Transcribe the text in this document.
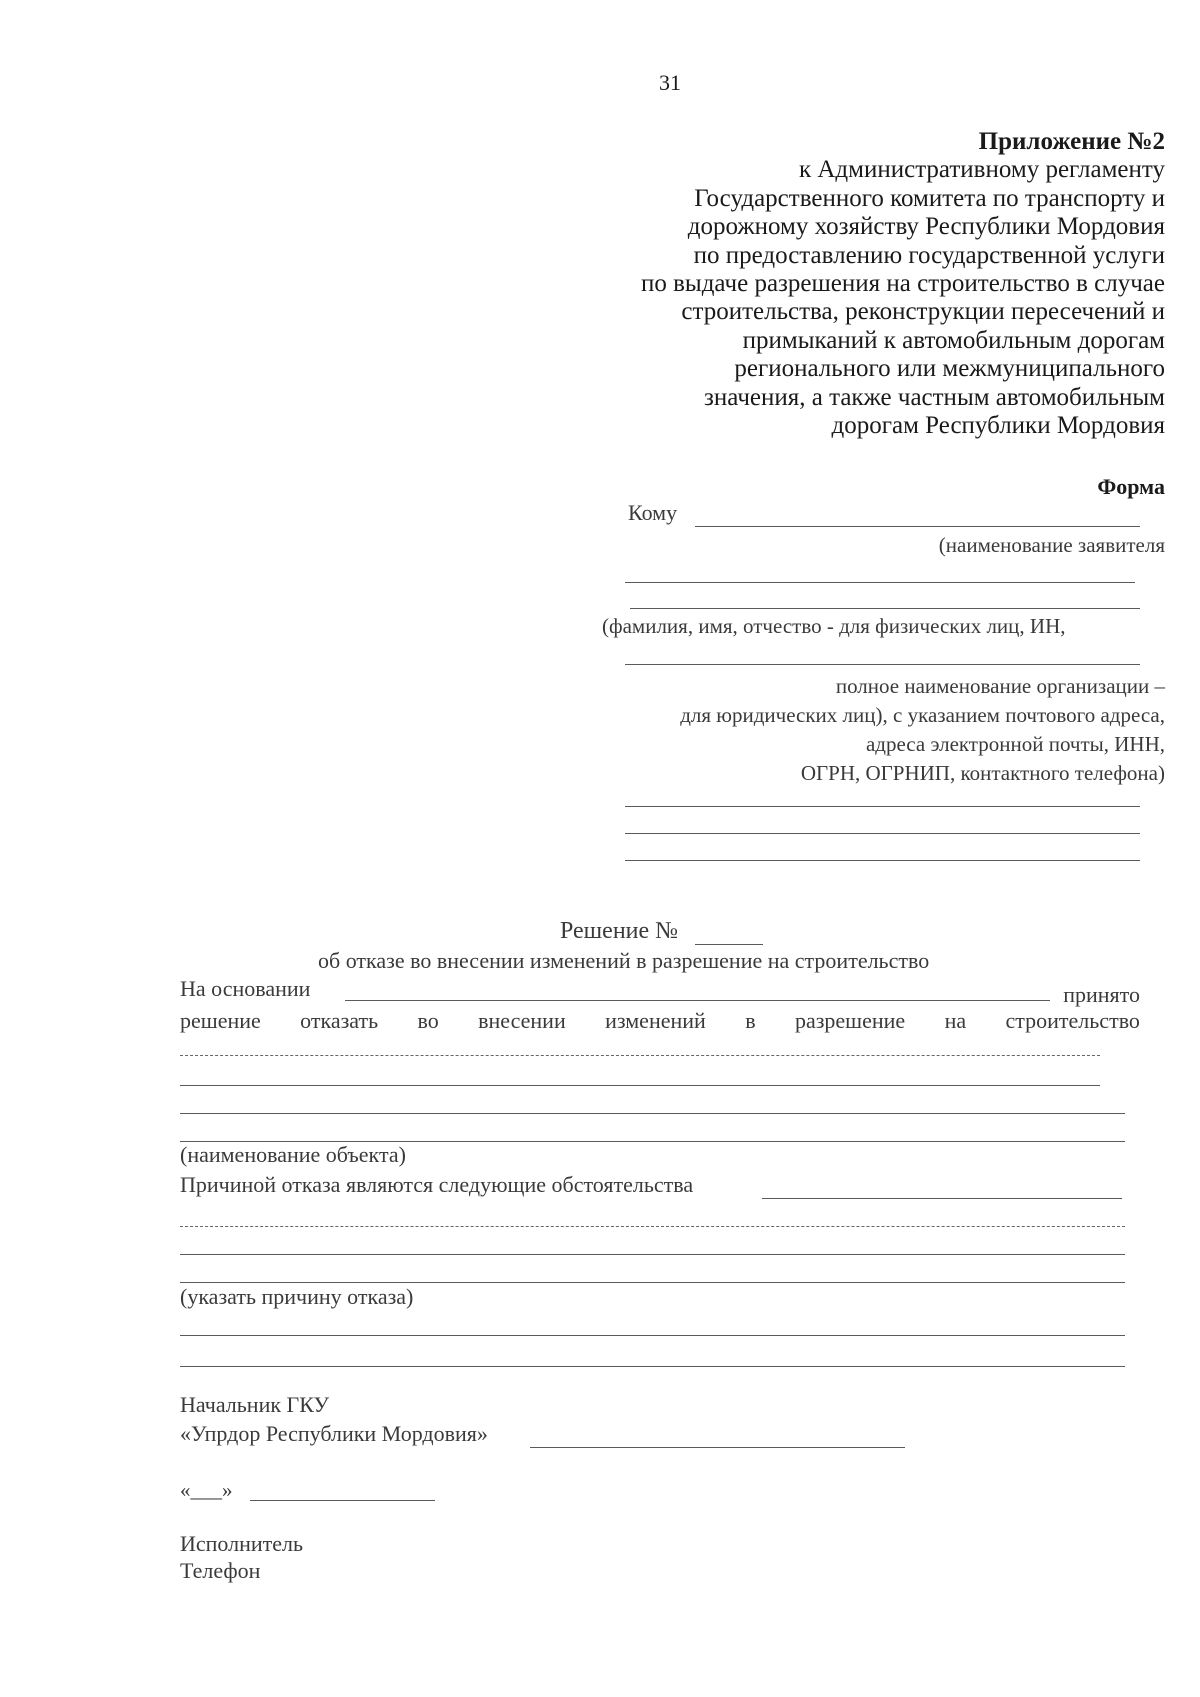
31
Приложение №2
к Административному регламенту
Государственного комитета по транспорту и
дорожному хозяйству Республики Мордовия
по предоставлению государственной услуги
по выдаче разрешения на строительство в случае
строительства, реконструкции пересечений и
примыканий к автомобильным дорогам
регионального или межмуниципального
значения, а также частным автомобильным
дорогам Республики Мордовия
Форма
Кому
(наименование заявителя
(фамилия, имя, отчество - для физических лиц, ИН,
полное наименование организации –
для юридических лиц), с указанием почтового адреса,
адреса электронной почты, ИНН,
ОГРН, ОГРНИП, контактного телефона)
Решение №
об отказе во внесении изменений в разрешение на строительство
На основании	принято
решение отказать во внесении изменений в разрешение на строительство
(наименование объекта)
Причиной отказа являются следующие обстоятельства
(указать причину отказа)
Начальник ГКУ
«Упрдор Республики Мордовия»
«___»
Исполнитель
Телефон
